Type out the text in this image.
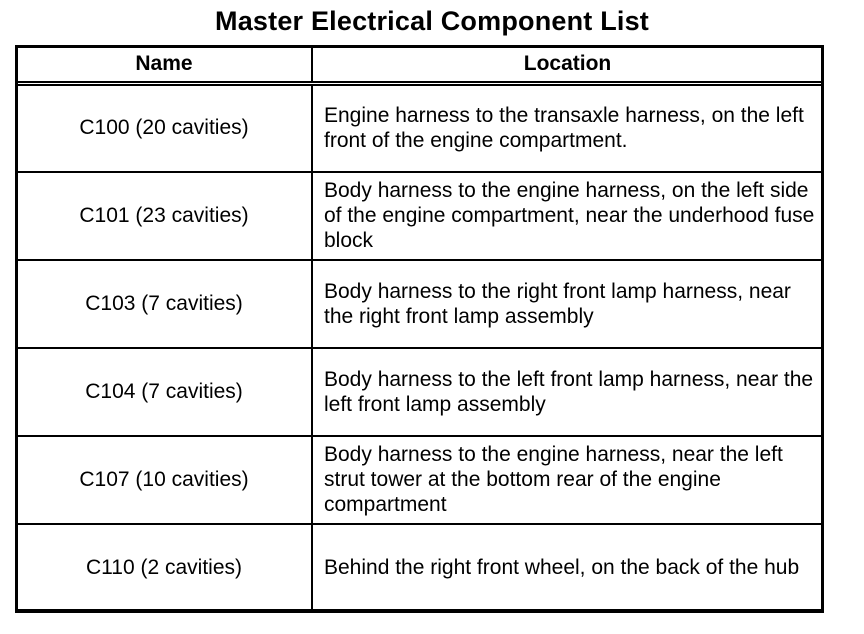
Master Electrical Component List
Name	Location
C100 (20 cavities)	Engine harness to the transaxle harness, on the left front of the engine compartment.
C101 (23 cavities)	Body harness to the engine harness, on the left side of the engine compartment, near the underhood fuse block
C103 (7 cavities)	Body harness to the right front lamp harness, near the right front lamp assembly
C104 (7 cavities)	Body harness to the left front lamp harness, near the left front lamp assembly
C107 (10 cavities)	Body harness to the engine harness, near the left strut tower at the bottom rear of the engine compartment
C110 (2 cavities)	Behind the right front wheel, on the back of the hub
